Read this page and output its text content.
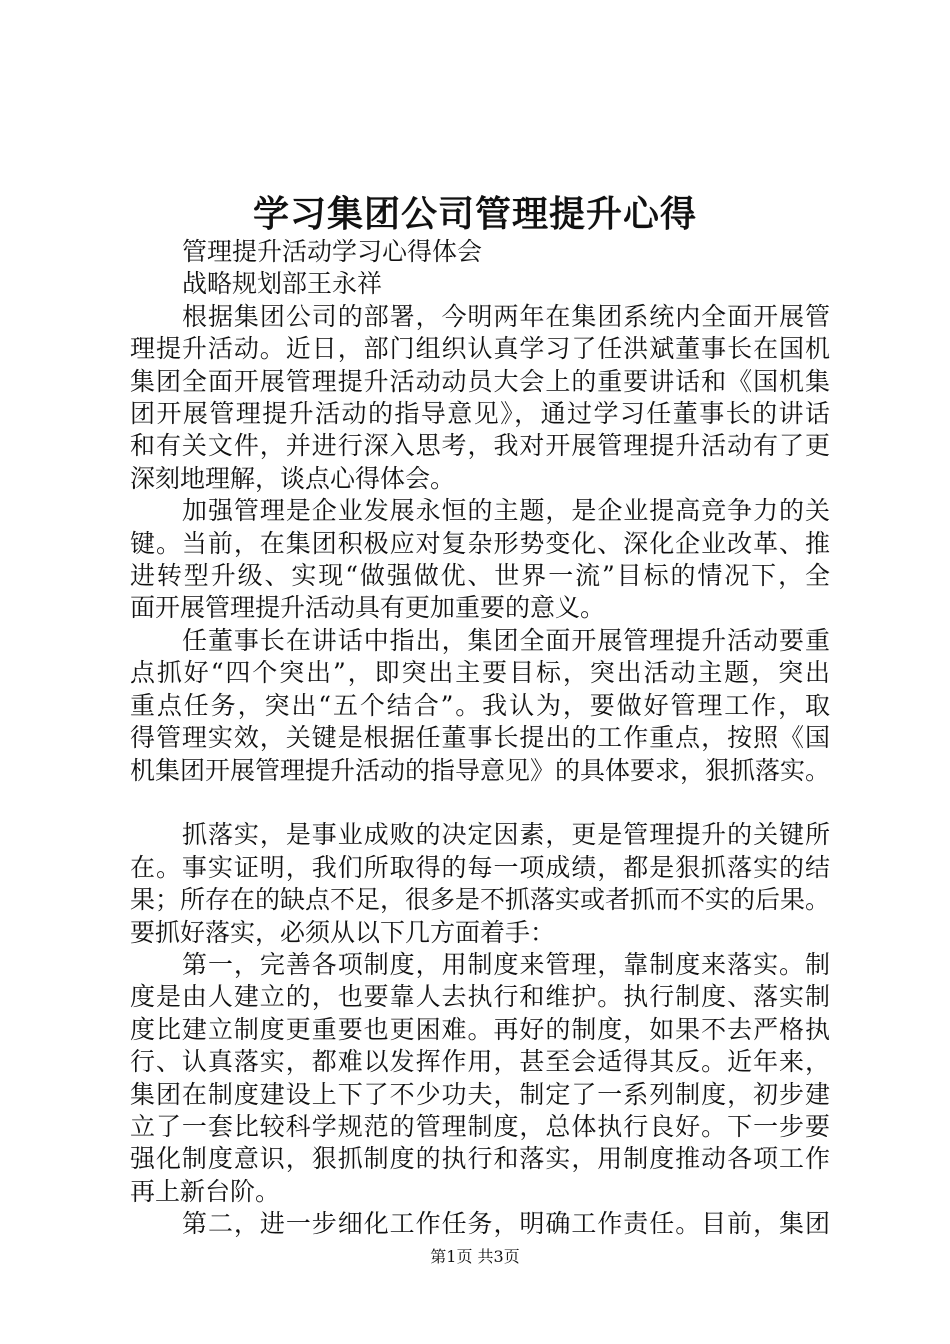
学习集团公司管理提升心得

管理提升活动学习心得体会

战略规划部王永祥

根据集团公司的部署，今明两年在集团系统内全面开展管

理提升活动。近日，部门组织认真学习了任洪斌董事长在国机

集团全面开展管理提升活动动员大会上的重要讲话和《国机集

团开展管理提升活动的指导意见》，通过学习任董事长的讲话

和有关文件，并进行深入思考，我对开展管理提升活动有了更

深刻地理解，谈点心得体会。

加强管理是企业发展永恒的主题，是企业提高竞争力的关

键。当前，在集团积极应对复杂形势变化、深化企业改革、推

进转型升级、实现“做强做优、世界一流”目标的情况下，全

面开展管理提升活动具有更加重要的意义。

任董事长在讲话中指出，集团全面开展管理提升活动要重

点抓好“四个突出”，即突出主要目标，突出活动主题，突出

重点任务，突出“五个结合”。我认为，要做好管理工作，取

得管理实效，关键是根据任董事长提出的工作重点，按照《国

机集团开展管理提升活动的指导意见》的具体要求，狠抓落实。

抓落实，是事业成败的决定因素，更是管理提升的关键所

在。事实证明，我们所取得的每一项成绩，都是狠抓落实的结

果；所存在的缺点不足，很多是不抓落实或者抓而不实的后果。

要抓好落实，必须从以下几方面着手：

第一，完善各项制度，用制度来管理，靠制度来落实。制

度是由人建立的，也要靠人去执行和维护。执行制度、落实制

度比建立制度更重要也更困难。再好的制度，如果不去严格执

行、认真落实，都难以发挥作用，甚至会适得其反。近年来，

集团在制度建设上下了不少功夫，制定了一系列制度，初步建

立了一套比较科学规范的管理制度，总体执行良好。下一步要

强化制度意识，狠抓制度的执行和落实，用制度推动各项工作

再上新台阶。

第二，进一步细化工作任务，明确工作责任。目前，集团

第1页 共3页
